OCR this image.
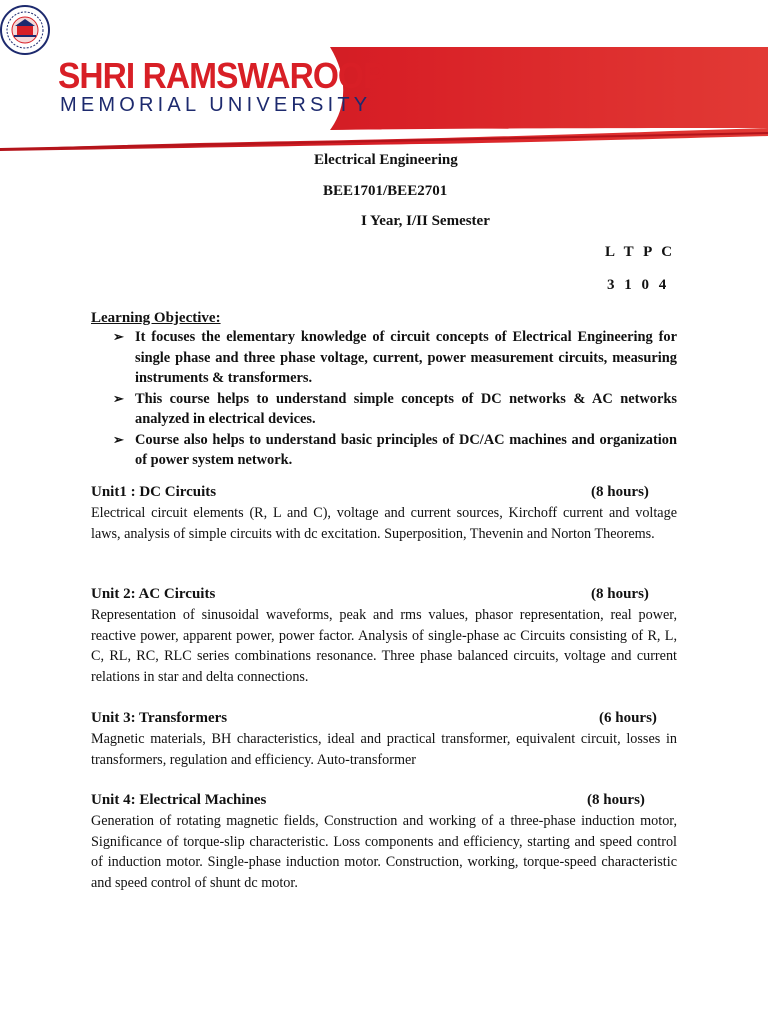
SHRI RAMSWAROOP
MEMORIAL UNIVERSITY
Electrical Engineering
BEE1701/BEE2701
I Year, I/II Semester
L T P C
3 1 0 4
Learning Objective:
➢ It focuses the elementary knowledge of circuit concepts of Electrical Engineering for single phase and three phase voltage, current, power measurement circuits, measuring instruments & transformers.
➢ This course helps to understand simple concepts of DC networks & AC networks analyzed in electrical devices.
➢ Course also helps to understand basic principles of DC/AC machines and organization of power system network.
Unit1 : DC Circuits	(8 hours)
Electrical circuit elements (R, L and C), voltage and current sources, Kirchoff current and voltage laws, analysis of simple circuits with dc excitation. Superposition, Thevenin and Norton Theorems.
Unit 2: AC Circuits	(8 hours)
Representation of sinusoidal waveforms, peak and rms values, phasor representation, real power, reactive power, apparent power, power factor. Analysis of single-phase ac Circuits consisting of R, L, C, RL, RC, RLC series combinations resonance. Three phase balanced circuits, voltage and current relations in star and delta connections.
Unit 3: Transformers	(6 hours)
Magnetic materials, BH characteristics, ideal and practical transformer, equivalent circuit, losses in transformers, regulation and efficiency. Auto-transformer
Unit 4: Electrical Machines	(8 hours)
Generation of rotating magnetic fields, Construction and working of a three-phase induction motor, Significance of torque-slip characteristic. Loss components and efficiency, starting and speed control of induction motor. Single-phase induction motor. Construction, working, torque-speed characteristic and speed control of shunt dc motor.
